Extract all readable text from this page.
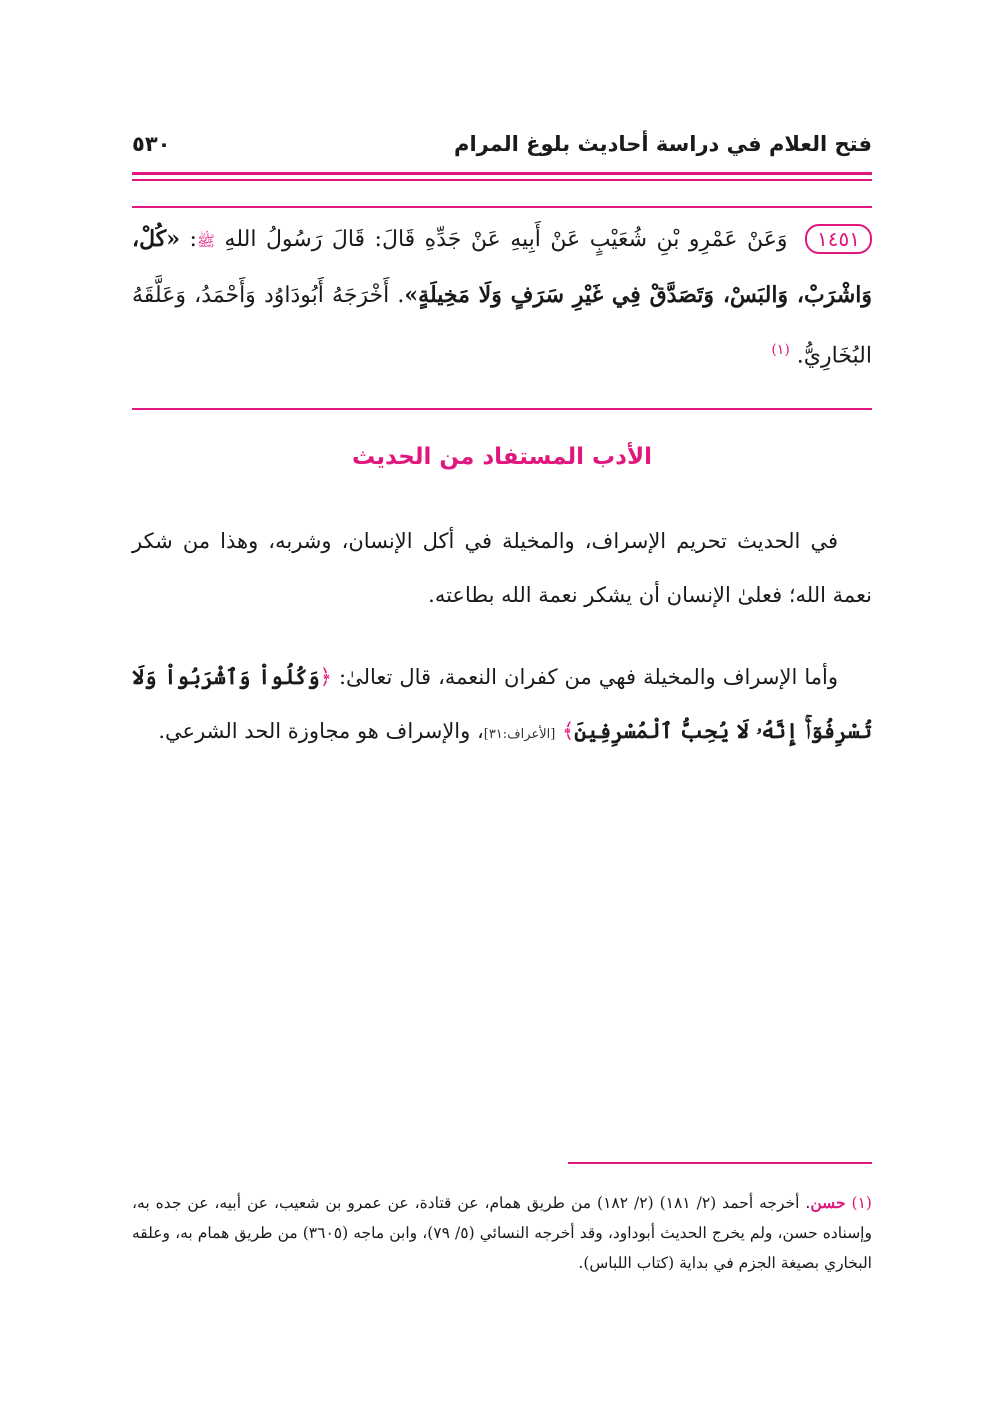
فتح العلام في دراسة أحاديث بلوغ المرام
٥٣٠
١٤٥١ وَعَنْ عَمْرِو بْنِ شُعَيْبٍ عَنْ أَبِيهِ عَنْ جَدِّهِ قَالَ: قَالَ رَسُولُ اللهِ ﷺ: «كُلْ، وَاشْرَبْ، وَالبَسْ، وَتَصَدَّقْ فِي غَيْرِ سَرَفٍ وَلَا مَخِيلَةٍ». أَخْرَجَهُ أَبُودَاوُد وَأَحْمَدُ، وَعَلَّقَهُ البُخَارِيُّ. $^{(١)}$
الأدب المستفاد من الحديث
في الحديث تحريم الإسراف، والمخيلة في أكل الإنسان، وشربه، وهذا من شكر نعمة الله؛ فعلىٰ الإنسان أن يشكر نعمة الله بطاعته.
وأما الإسراف والمخيلة فهي من كفران النعمة، قال تعالىٰ: ﴿وَكُلُواْ وَٱشْرَبُواْ وَلَا تُسْرِفُوٓاْۚ إِنَّهُۥ لَا يُحِبُّ ٱلْمُسْرِفِينَ﴾ [الأعراف:٣١]، والإسراف هو مجاوزة الحد الشرعي.
(١) حسن. أخرجه أحمد (٢/ ١٨١) (٢/ ١٨٢) من طريق همام، عن قتادة، عن عمرو بن شعيب، عن أبيه، عن جده به، وإسناده حسن، ولم يخرج الحديث أبوداود، وقد أخرجه النسائي (٥/ ٧٩)، وابن ماجه (٣٦٠٥) من طريق همام به، وعلقه البخاري بصيغة الجزم في بداية (كتاب اللباس).
